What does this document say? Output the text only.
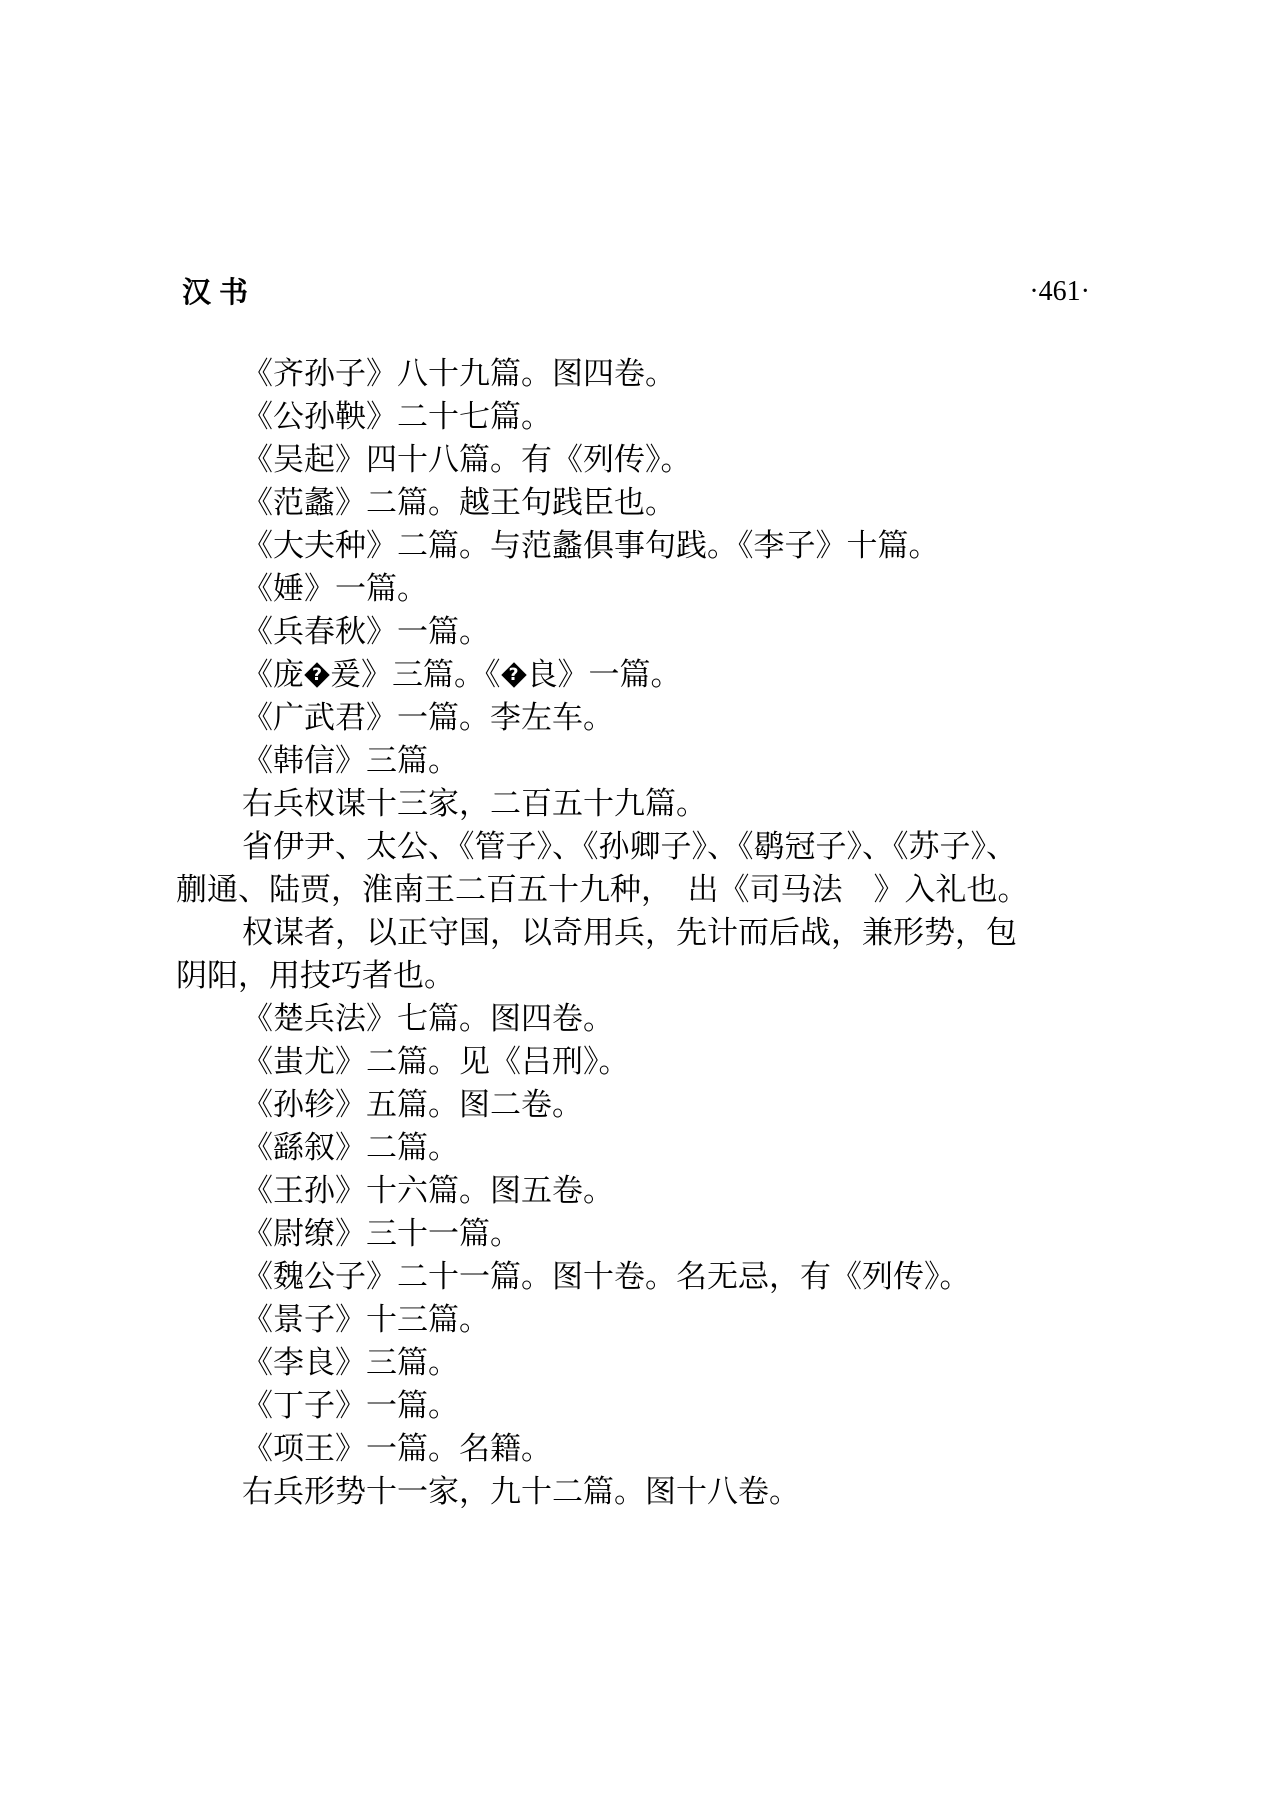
汉书	·461·
《齐孙子》八十九篇。图四卷。
《公孙鞅》二十七篇。
《吴起》四十八篇。有《列传》。
《范蠡》二篇。越王句践臣也。
《大夫种》二篇。与范蠡俱事句践。《李子》十篇。
《娷》一篇。
《兵春秋》一篇。
《庞 ? 爰》三篇。《 ? 良》一篇。
《广武君》一篇。李左车。
《韩信》三篇。
右兵权谋十三家，二百五十九篇。
省伊尹、太公、《管子》、《孙卿子》、《鹖冠子》、《苏子》、
蒯通、陆贾，淮南王二百五十九种，　出《司马法　》入礼也。
权谋者，以正守国，以奇用兵，先计而后战，兼形势，包
阴阳，用技巧者也。
《楚兵法》七篇。图四卷。
《蚩尤》二篇。见《吕刑》。
《孙轸》五篇。图二卷。
《繇叙》二篇。
《王孙》十六篇。图五卷。
《尉缭》三十一篇。
《魏公子》二十一篇。图十卷。名无忌，有《列传》。
《景子》十三篇。
《李良》三篇。
《丁子》一篇。
《项王》一篇。名籍。
右兵形势十一家，九十二篇。图十八卷。
